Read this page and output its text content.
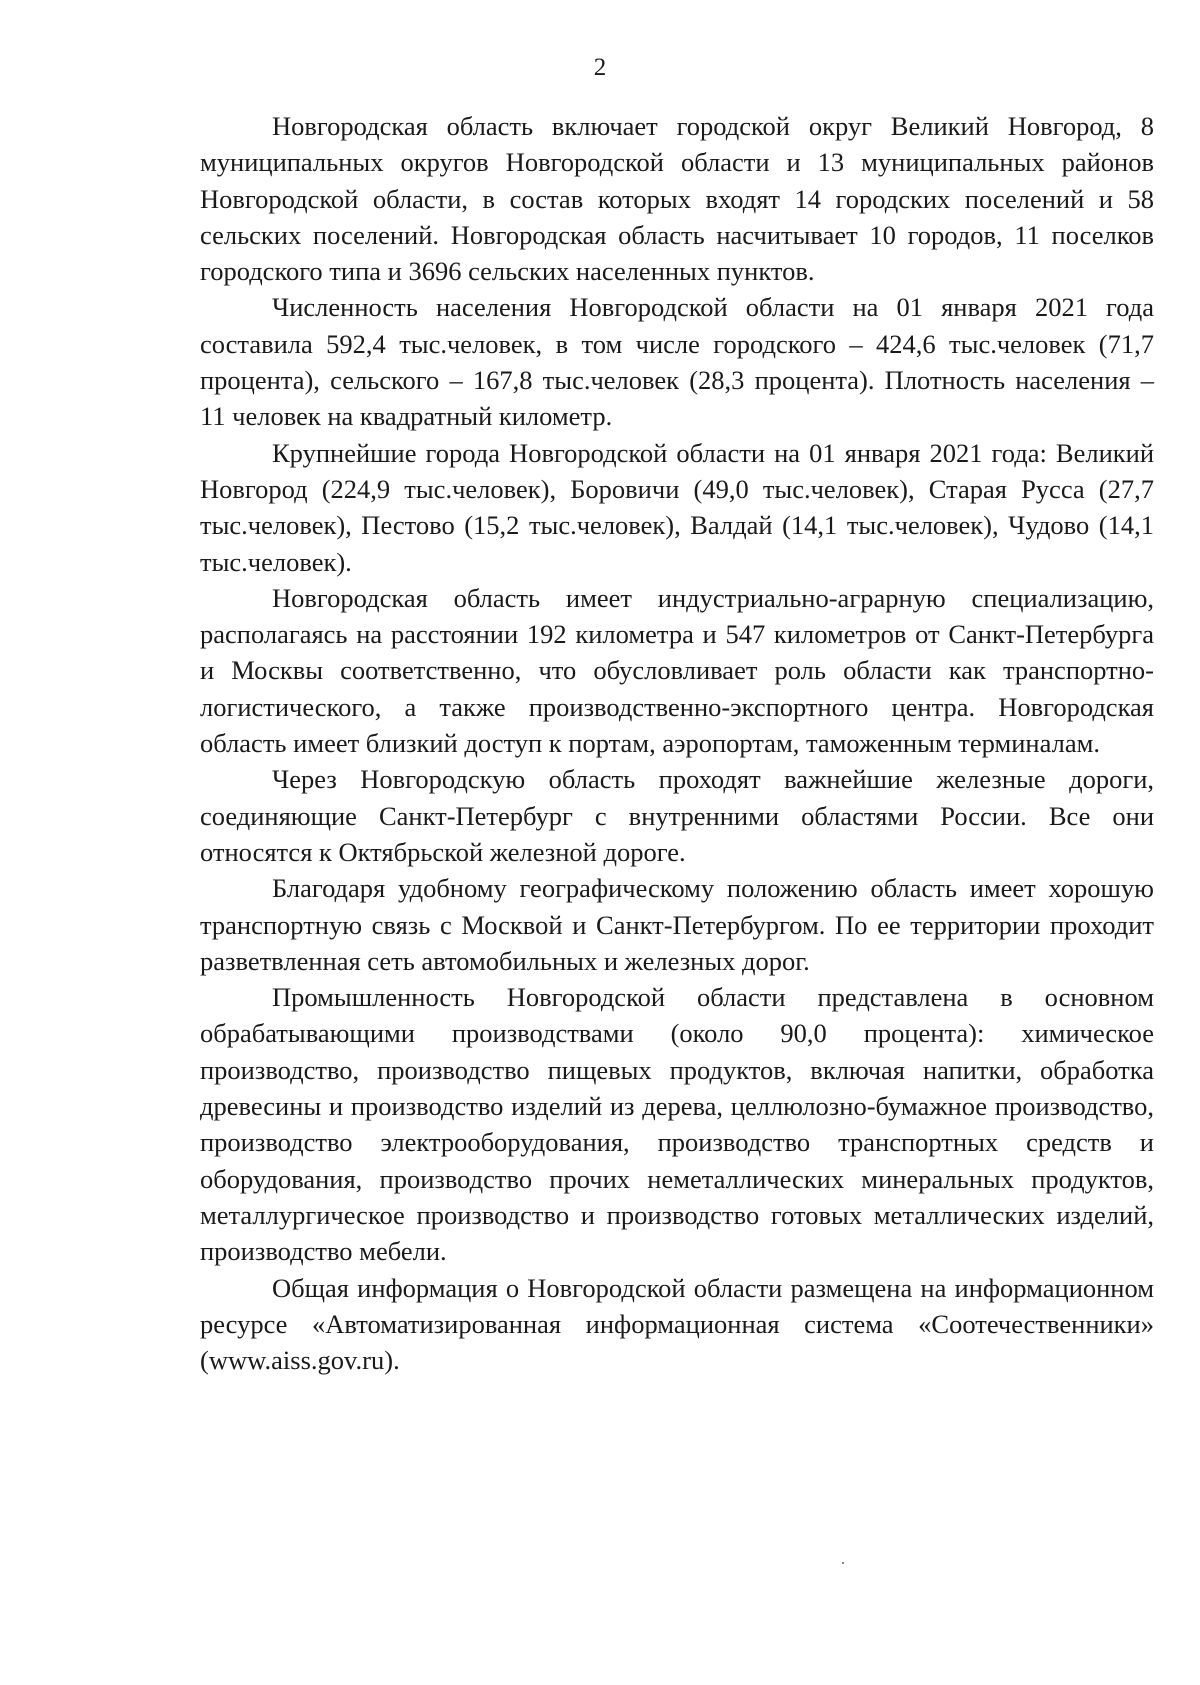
2

Новгородская область включает городской округ Великий Новгород, 8 муниципальных округов Новгородской области и 13 муниципальных районов Новгородской области, в состав которых входят 14 городских поселений и 58 сельских поселений. Новгородская область насчитывает 10 городов, 11 поселков городского типа и 3696 сельских населенных пунктов.

Численность населения Новгородской области на 01 января 2021 года составила 592,4 тыс.человек, в том числе городского – 424,6 тыс.человек (71,7 процента), сельского – 167,8 тыс.человек (28,3 процента). Плотность населения – 11 человек на квадратный километр.

Крупнейшие города Новгородской области на 01 января 2021 года: Великий Новгород (224,9 тыс.человек), Боровичи (49,0 тыс.человек), Старая Русса (27,7 тыс.человек), Пестово (15,2 тыс.человек), Валдай (14,1 тыс.человек), Чудово (14,1 тыс.человек).

Новгородская область имеет индустриально-аграрную специализацию, располагаясь на расстоянии 192 километра и 547 километров от Санкт-Петербурга и Москвы соответственно, что обусловливает роль области как транспортно-логистического, а также производственно-экспортного центра. Новгородская область имеет близкий доступ к портам, аэропортам, таможенным терминалам.

Через Новгородскую область проходят важнейшие железные дороги, соединяющие Санкт-Петербург с внутренними областями России. Все они относятся к Октябрьской железной дороге.

Благодаря удобному географическому положению область имеет хорошую транспортную связь с Москвой и Санкт-Петербургом. По ее территории проходит разветвленная сеть автомобильных и железных дорог.

Промышленность Новгородской области представлена в основном обрабатывающими производствами (около 90,0 процента): химическое производство, производство пищевых продуктов, включая напитки, обработка древесины и производство изделий из дерева, целлюлозно-бумажное производство, производство электрооборудования, производство транспортных средств и оборудования, производство прочих неметаллических минеральных продуктов, металлургическое производство и производство готовых металлических изделий, производство мебели.

Общая информация о Новгородской области размещена на информационном ресурсе «Автоматизированная информационная система «Соотечественники» (www.aiss.gov.ru).
